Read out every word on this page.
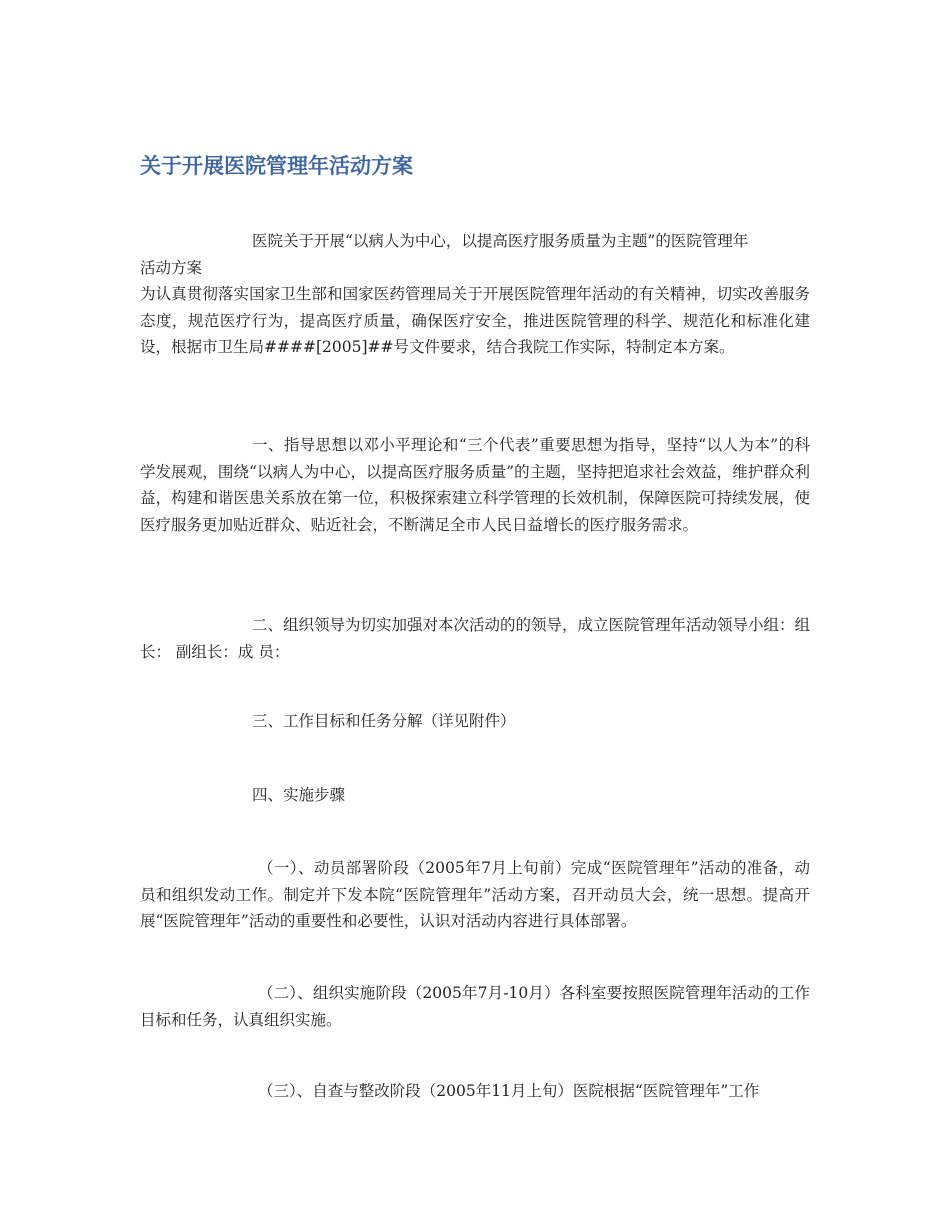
关于开展医院管理年活动方案
医院关于开展“以病人为中心，以提高医疗服务质量为主题”的医院管理年
活动方案

为认真贯彻落实国家卫生部和国家医药管理局关于开展医院管理年活动的有关精神，切实改善服务态度，规范医疗行为，提高医疗质量，确保医疗安全，推进医院管理的科学、规范化和标准化建设，根据市卫生局####[2005]##号文件要求，结合我院工作实际，特制定本方案。

一、指导思想以邓小平理论和“三个代表”重要思想为指导，坚持“以人为本”的科学发展观，围绕“以病人为中心，以提高医疗服务质量”的主题，坚持把追求社会效益，维护群众利益，构建和谐医患关系放在第一位，积极探索建立科学管理的长效机制，保障医院可持续发展，使医疗服务更加贴近群众、贴近社会，不断满足全市人民日益增长的医疗服务需求。

二、组织领导为切实加强对本次活动的的领导，成立医院管理年活动领导小组：组 长： 副组长：成 员：

三、工作目标和任务分解（详见附件）

四、实施步骤

（一）、动员部署阶段（2005年7月上旬前）完成“医院管理年”活动的准备，动员和组织发动工作。制定并下发本院“医院管理年”活动方案，召开动员大会，统一思想。提高开展“医院管理年”活动的重要性和必要性，认识对活动内容进行具体部署。

（二）、组织实施阶段（2005年7月-10月）各科室要按照医院管理年活动的工作目标和任务，认真组织实施。

（三）、自查与整改阶段（2005年11月上旬）医院根据“医院管理年”工作
